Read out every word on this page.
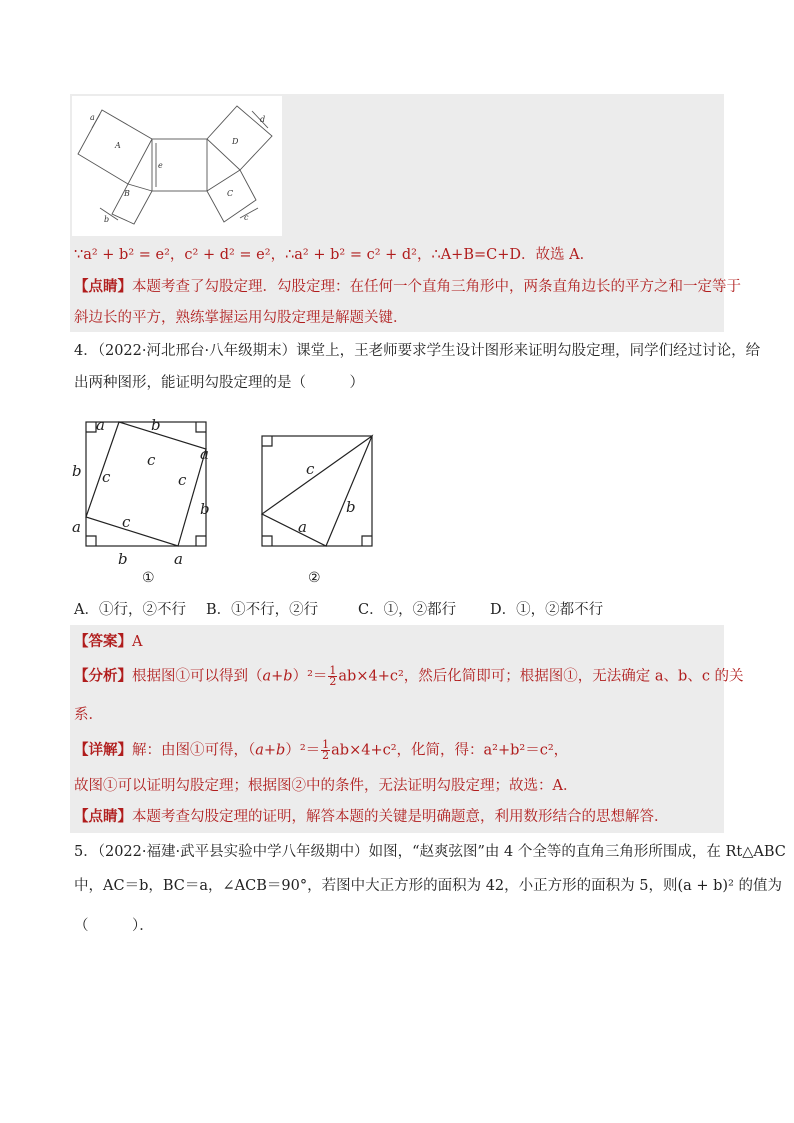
a
A
B
b
e
D
d
C
c
∵a² + b² = e²，c² + d² = e²，∴a² + b² = c² + d²，∴A+B=C+D．故选 A．
【点睛】本题考查了勾股定理．勾股定理：在任何一个直角三角形中，两条直角边长的平方之和一定等于
斜边长的平方，熟练掌握运用勾股定理是解题关键．
4．（2022·河北邢台·八年级期末）课堂上，王老师要求学生设计图形来证明勾股定理，同学们经过讨论，给
出两种图形，能证明勾股定理的是（　　　）
a	b
a
b
b
a
b	a
c
c	c
c
①
c
b
a
②
A．①行，②不行 B．①不行，②行	C．①，②都行 D．①，②都不行
【答案】A
【分析】根据图①可以得到$(a+b)^2= \frac{1}{2} ab\times 4+c^2$，然后化简即可；根据图①，无法确定 a、b、c 的关
系．
【详解】解：由图①可得，$(a+b)^2= \frac{1}{2} ab\times 4+c^2$，化简，得：a²+b²＝c²，
故图①可以证明勾股定理；根据图②中的条件，无法证明勾股定理；故选：A．
【点睛】本题考查勾股定理的证明，解答本题的关键是明确题意，利用数形结合的思想解答．
5．（2022·福建·武平县实验中学八年级期中）如图，“赵爽弦图”由 4 个全等的直角三角形所围成，在 Rt△ABC
中，AC＝b，BC＝a，∠ACB＝90°，若图中大正方形的面积为 42，小正方形的面积为 5，则(a + b)² 的值为
（　　　）．
